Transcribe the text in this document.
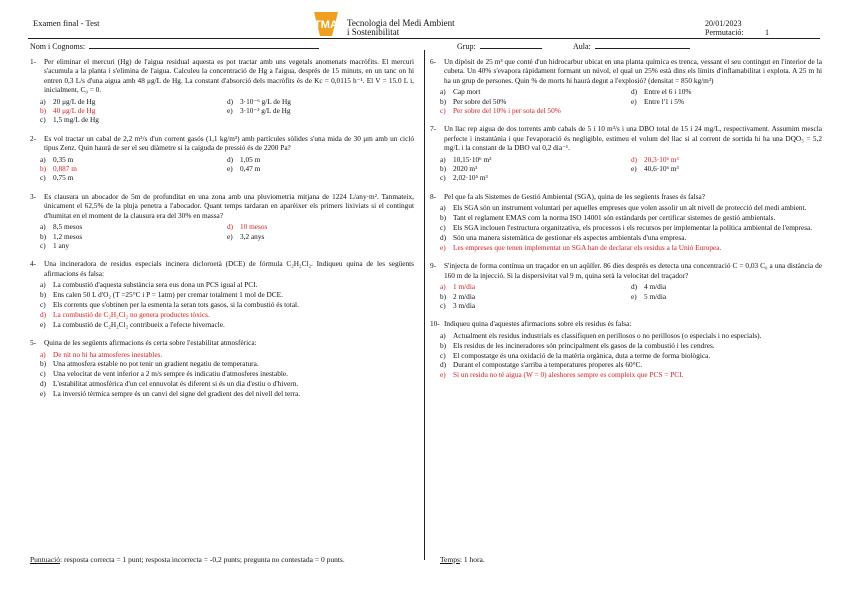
Examen final - Test	TMA Tecnologia del Medi Ambient
i Sostenibilitat
20/01/2023
Permutació:	1
Nom i Cognoms:	Grup:	Aula:
1-	Per eliminar el mercuri (Hg) de l'aigua residual aquesta es pot tractar amb uns vegetals anomenats macròfits. El mercuri s'acumula a la planta i s'elimina de l'aigua. Calculeu la concentració de Hg a l'aigua, després de 15 minuts, en un tanc on hi entren 0,3 L/s d'una aigua amb 48 μg/L de Hg. La constant d'absorció dels macròfits és de Kc = 0,0115 h⁻¹. El V = 15.0 L i, inicialment, C₀ = 0.
a)	20 μg/L de Hg	d) 3·10⁻⁶ g/L de Hg
b) 40 μg/L de Hg	e)	3·10⁻³ g/L de Hg
c)	1,5 mg/L de Hg
2-	Es vol tractar un cabal de 2,2 m³/s d'un corrent gasós (1,1 kg/m³) amb partícules sòlides s'una mida de 30 μm amb un cicló tipus Zenz. Quin haurà de ser el seu diàmetre si la caiguda de pressió és de 2200 Pa?
a)	0,35 m	d) 1,05 m
b) 0,887 m	e)	0,47 m
c)	0,75 m
3-	Es clausura un abocador de 5m de profunditat en una zona amb una pluviometria mitjana de 1224 L/any·m². Tanmateix, únicament el 62,5% de la pluja penetra a l'abocador. Quant temps tardaran en aparèixer els primers lixiviats si el contingut d'humitat en el moment de la clausura era del 30% en massa?
a)	8,5 mesos	d) 10 mesos
b) 1,2 mesos	e)	3,2 anys
c)	1 any
4-	Una incineradora de residus especials incinera dicloroetà (DCE) de fórmula C₂H₂Cl₂. Indiqueu quina de les següents afirmacions és falsa:
a)	La combustió d'aquesta substància sera eus dona un PCS igual al PCI.
b) Ens calen 50 L d'O₂ (T =25°C i P = 1atm) per cremar totalment 1 mol de DCE.
c)	Els corrents que s'obtinen per la esmenta la seran tots gasos, si la combustió és total.
d) La combustió de C₂H₂Cl₂ no genera productes tòxics.
e)	La combustió de C₂H₂Cl₂ contribueix a l'efecte hivernacle.
5-	Quina de les següents afirmacions és certa sobre l'estabilitat atmosfèrica:
a)	De nit no hi ha atmosferes inestables.
b) Una atmosfera estable no pot tenir un gradient negatiu de temperatura.
c)	Una velocitat de vent inferior a 2 m/s sempre és indicatiu d'atmosferes inestable.
d) L'estabilitat atmosfèrica d'un cel ennuvolat és diferent si és un dia d'estiu o d'hivern.
e)	La inversió tèrmica sempre és un canvi del signe del gradient des del nivell del terra.
6-	Un dipòsit de 25 m³ que conté d'un hidrocarbur ubicat en una planta química es trenca, vessant el seu contingut en l'interior de la cubeta. Un 40% s'evapora ràpidament formant un núvol, el qual un 25% està dins els límits d'inflamabilitat i explota. A 25 m hi ha un grup de persones. Quin % de morts hi haurà degut a l'explosió? (densitat = 850 kg/m³)
a)	Cap mort	d) Entre el 6 i 10%
b) Per sobre del 50%	e)	Entre l'1 i 5%
c)	Per sobre del 10% i per sota del 50%
7-	Un llac rep aigua de dos torrents amb cabals de 5 i 10 m³/s i una DBO total de 15 i 24 mg/L, respectivament. Assumim mescla perfecte i instantània i que l'evaporació és negligible, estimeu el volum del llac si al corrent de sortida hi ha una DQO₅ = 5,2 mg/L i la constant de la DBO val 0,2 dia⁻¹.
a)	10,15·10⁶ m³	d) 20,3·10⁶ m³
b) 2020 m³	e)	40,6·10⁶ m³
c)	2,02·10⁵ m³
8-	Pel que fa als Sistemes de Gestió Ambiental (SGA), quina de les següents frases és falsa?
a)	Els SGA són un instrument voluntari per aquelles empreses que volen assolir un alt nivell de protecció del medi ambient.
b) Tant el reglament EMAS com la norma ISO 14001 són estàndards per certificar sistemes de gestió ambientals.
c)	Els SGA inclouen l'estructura organitzativa, els processos i els recursos per implementar la política ambiental de l'empresa.
d) Són una manera sistemàtica de gestionar els aspectes ambientals d'una empresa.
e)	Les empreses que tenen implementat un SGA han de declarar els residus a la Unió Europea.
9-	S'injecta de forma contínua un traçador en un aqüífer. 86 dies després es detecta una concentració C = 0,03 C₀ a una distància de 160 m de la injecció. Si la dispersivitat val 9 m, quina serà la velocitat del traçador?
a)	1 m/dia	d) 4 m/dia
b) 2 m/dia	e)	5 m/dia
c)	3 m/dia
10- Indiqueu quina d'aquestes afirmacions sobre els residus és falsa:
a)	Actualment els residus industrials es classifiquen en perillosos o no perillosos (o especials i no especials).
b) Els residus de les incineradores són principalment els gasos de la combustió i les cendres.
c)	El compostatge és una oxidació de la matèria orgànica, duta a terme de forma biològica.
d) Durant el compostatge s'arriba a temperatures properes als 60°C.
e)	Si un residu no té aigua (W = 0) aleshores sempre es compleix que PCS = PCI.
Puntuació: resposta correcta = 1 punt; resposta incorrecta = -0,2 punts; pregunta no contestada = 0 punts.	Temps: 1 hora.
